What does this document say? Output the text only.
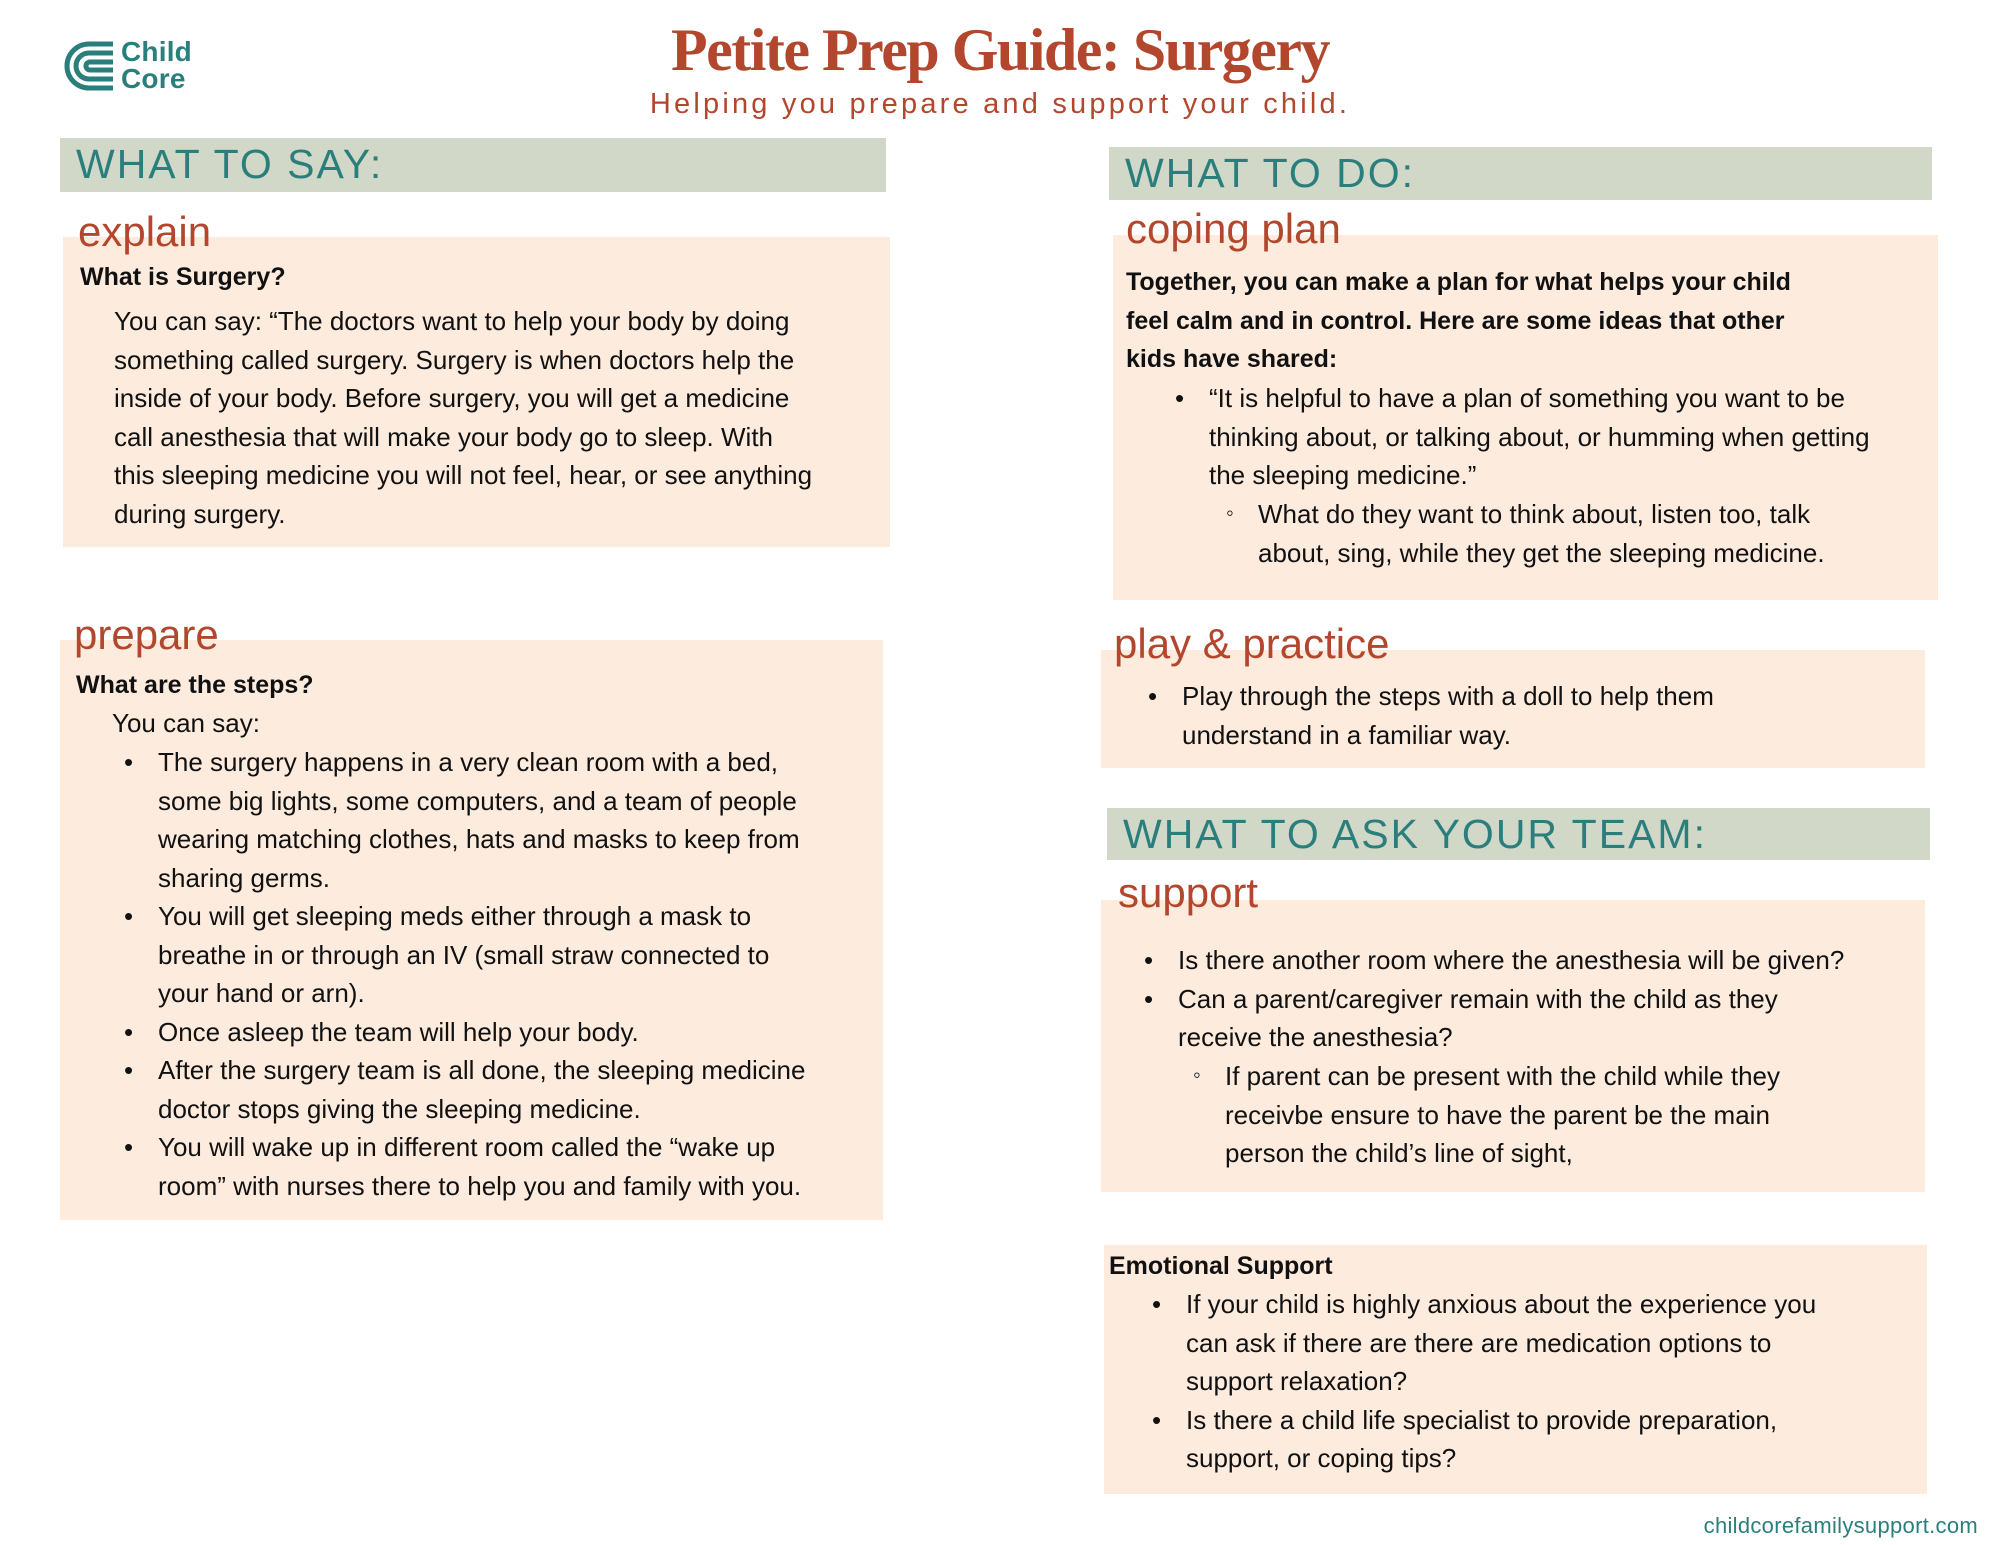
Child
Core	Petite Prep Guide: Surgery
Helping you prepare and support your child.
WHAT TO SAY:
explain
What is Surgery?
You can say: “The doctors want to help your body by doing
something called surgery. Surgery is when doctors help the
inside of your body. Before surgery, you will get a medicine
call anesthesia that will make your body go to sleep. With
this sleeping medicine you will not feel, hear, or see anything
during surgery.
prepare
What are the steps?
You can say:
• The surgery happens in a very clean room with a bed,
some big lights, some computers, and a team of people
wearing matching clothes, hats and masks to keep from
sharing germs.
• You will get sleeping meds either through a mask to
breathe in or through an IV (small straw connected to
your hand or arn).
• Once asleep the team will help your body.
• After the surgery team is all done, the sleeping medicine
doctor stops giving the sleeping medicine.
• You will wake up in different room called the “wake up
room” with nurses there to help you and family with you.
WHAT TO DO:
coping plan
Together, you can make a plan for what helps your child
feel calm and in control. Here are some ideas that other
kids have shared:
• “It is helpful to have a plan of something you want to be
thinking about, or talking about, or humming when getting
the sleeping medicine.”
◦ What do they want to think about, listen too, talk
about, sing, while they get the sleeping medicine.
play & practice
• Play through the steps with a doll to help them
understand in a familiar way.
WHAT TO ASK YOUR TEAM:
support
• Is there another room where the anesthesia will be given?
• Can a parent/caregiver remain with the child as they
receive the anesthesia?
◦ If parent can be present with the child while they
receivbe ensure to have the parent be the main
person the child’s line of sight,
Emotional Support
• If your child is highly anxious about the experience you
can ask if there are there are medication options to
support relaxation?
• Is there a child life specialist to provide preparation,
support, or coping tips?
childcorefamilysupport.com
